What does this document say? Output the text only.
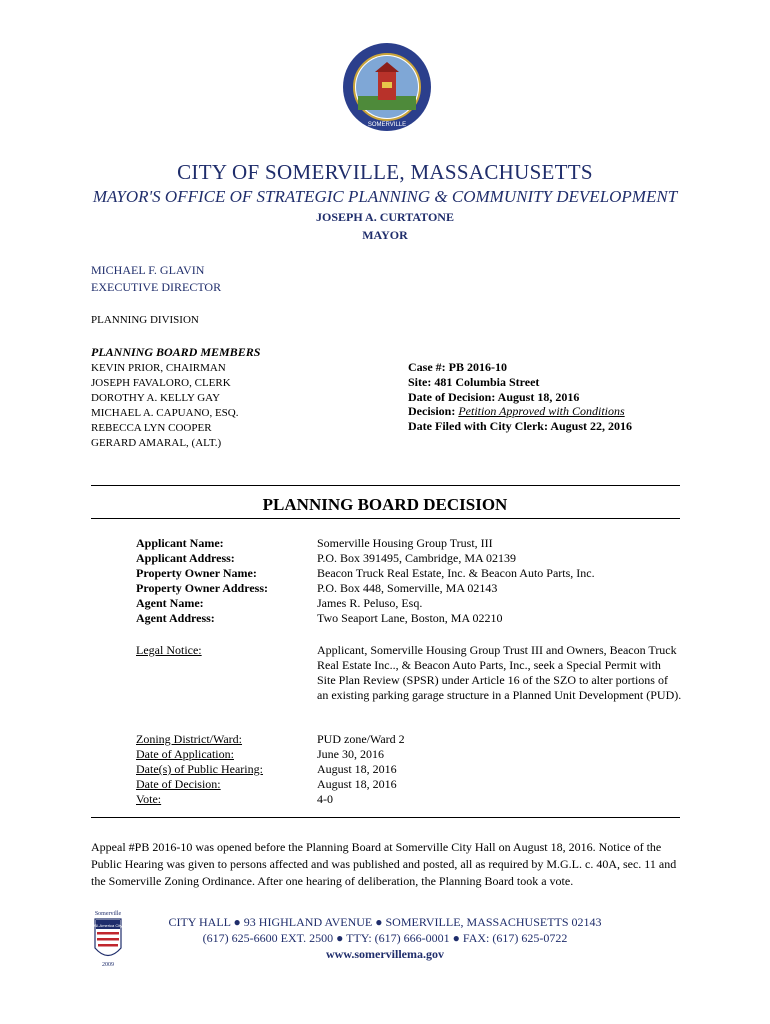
SOMERVILLE
CITY OF SOMERVILLE, MASSACHUSETTS
MAYOR'S OFFICE OF STRATEGIC PLANNING & COMMUNITY DEVELOPMENT
JOSEPH A. CURTATONE
MAYOR
MICHAEL F. GLAVIN
EXECUTIVE DIRECTOR
PLANNING DIVISION
PLANNING BOARD MEMBERS
KEVIN PRIOR, CHAIRMAN
JOSEPH FAVALORO, CLERK
DOROTHY A. KELLY GAY
MICHAEL A. CAPUANO, ESQ.
REBECCA LYN COOPER
GERARD AMARAL, (ALT.)
Case #: PB 2016-10
Site: 481 Columbia Street
Date of Decision: August 18, 2016
Decision: Petition Approved with Conditions
Date Filed with City Clerk: August 22, 2016
PLANNING BOARD DECISION
Applicant Name:
Applicant Address:
Property Owner Name:
Property Owner Address:
Agent Name:
Agent Address:
Somerville Housing Group Trust, III
P.O. Box 391495, Cambridge, MA 02139
Beacon Truck Real Estate, Inc. & Beacon Auto Parts, Inc.
P.O. Box 448, Somerville, MA 02143
James R. Peluso, Esq.
Two Seaport Lane, Boston, MA 02210
Legal Notice:	Applicant, Somerville Housing Group Trust III and Owners, Beacon Truck Real Estate Inc.., & Beacon Auto Parts, Inc., seek a Special Permit with Site Plan Review (SPSR) under Article 16 of the SZO to alter portions of an existing parking garage structure in a Planned Unit Development (PUD).
Zoning District/Ward:
Date of Application:
Date(s) of Public Hearing:
Date of Decision:
Vote:
PUD zone/Ward 2
June 30, 2016
August 18, 2016
August 18, 2016
4-0
Appeal #PB 2016-10 was opened before the Planning Board at Somerville City Hall on August 18, 2016. Notice of the Public Hearing was given to persons affected and was published and posted, all as required by M.G.L. c. 40A, sec. 11 and the Somerville Zoning Ordinance. After one hearing of deliberation, the Planning Board took a vote.
Somerville
All-America City
2009
CITY HALL ● 93 HIGHLAND AVENUE ● SOMERVILLE, MASSACHUSETTS 02143
(617) 625-6600 EXT. 2500 ● TTY: (617) 666-0001 ● FAX: (617) 625-0722
www.somervillema.gov
